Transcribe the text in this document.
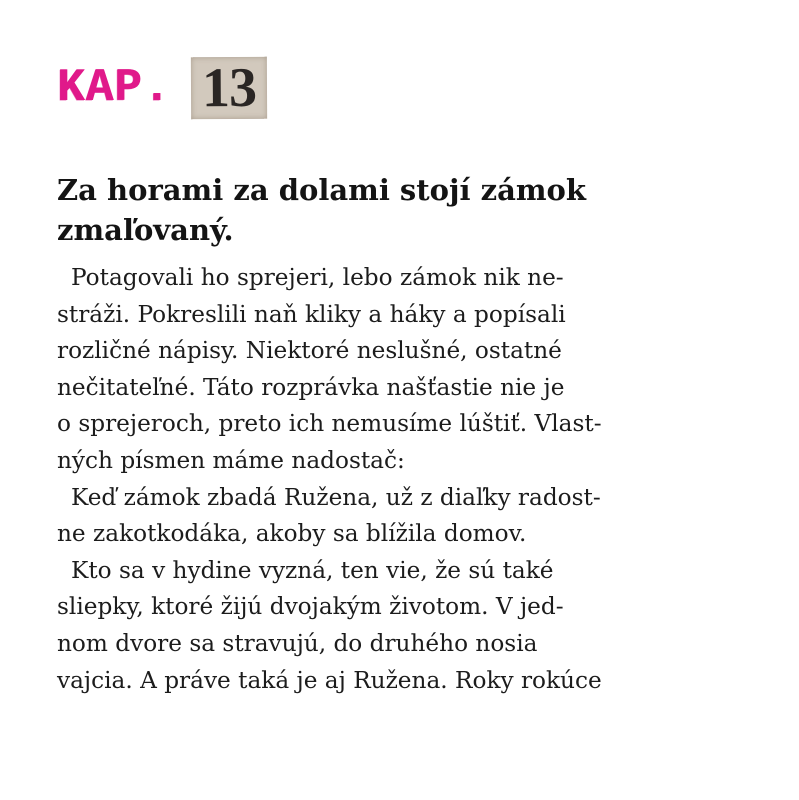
KAP. 13
Za horami za dolami stojí zámok
zmaľovaný.
Potagovali ho sprejeri, lebo zámok nik ne-
stráži. Pokreslili naň kliky a háky a popísali
rozličné nápisy. Niektoré neslušné, ostatné
nečitateľné. Táto rozprávka našťastie nie je
o sprejeroch, preto ich nemusíme lúštiť. Vlast-
ných písmen máme nadostač:
Keď zámok zbadá Ružena, už z diaľky radost-
ne zakotkodáka, akoby sa blížila domov.
Kto sa v hydine vyzná, ten vie, že sú také
sliepky, ktoré žijú dvojakým životom. V jed-
nom dvore sa stravujú, do druhého nosia
vajcia. A práve taká je aj Ružena. Roky rokúce
